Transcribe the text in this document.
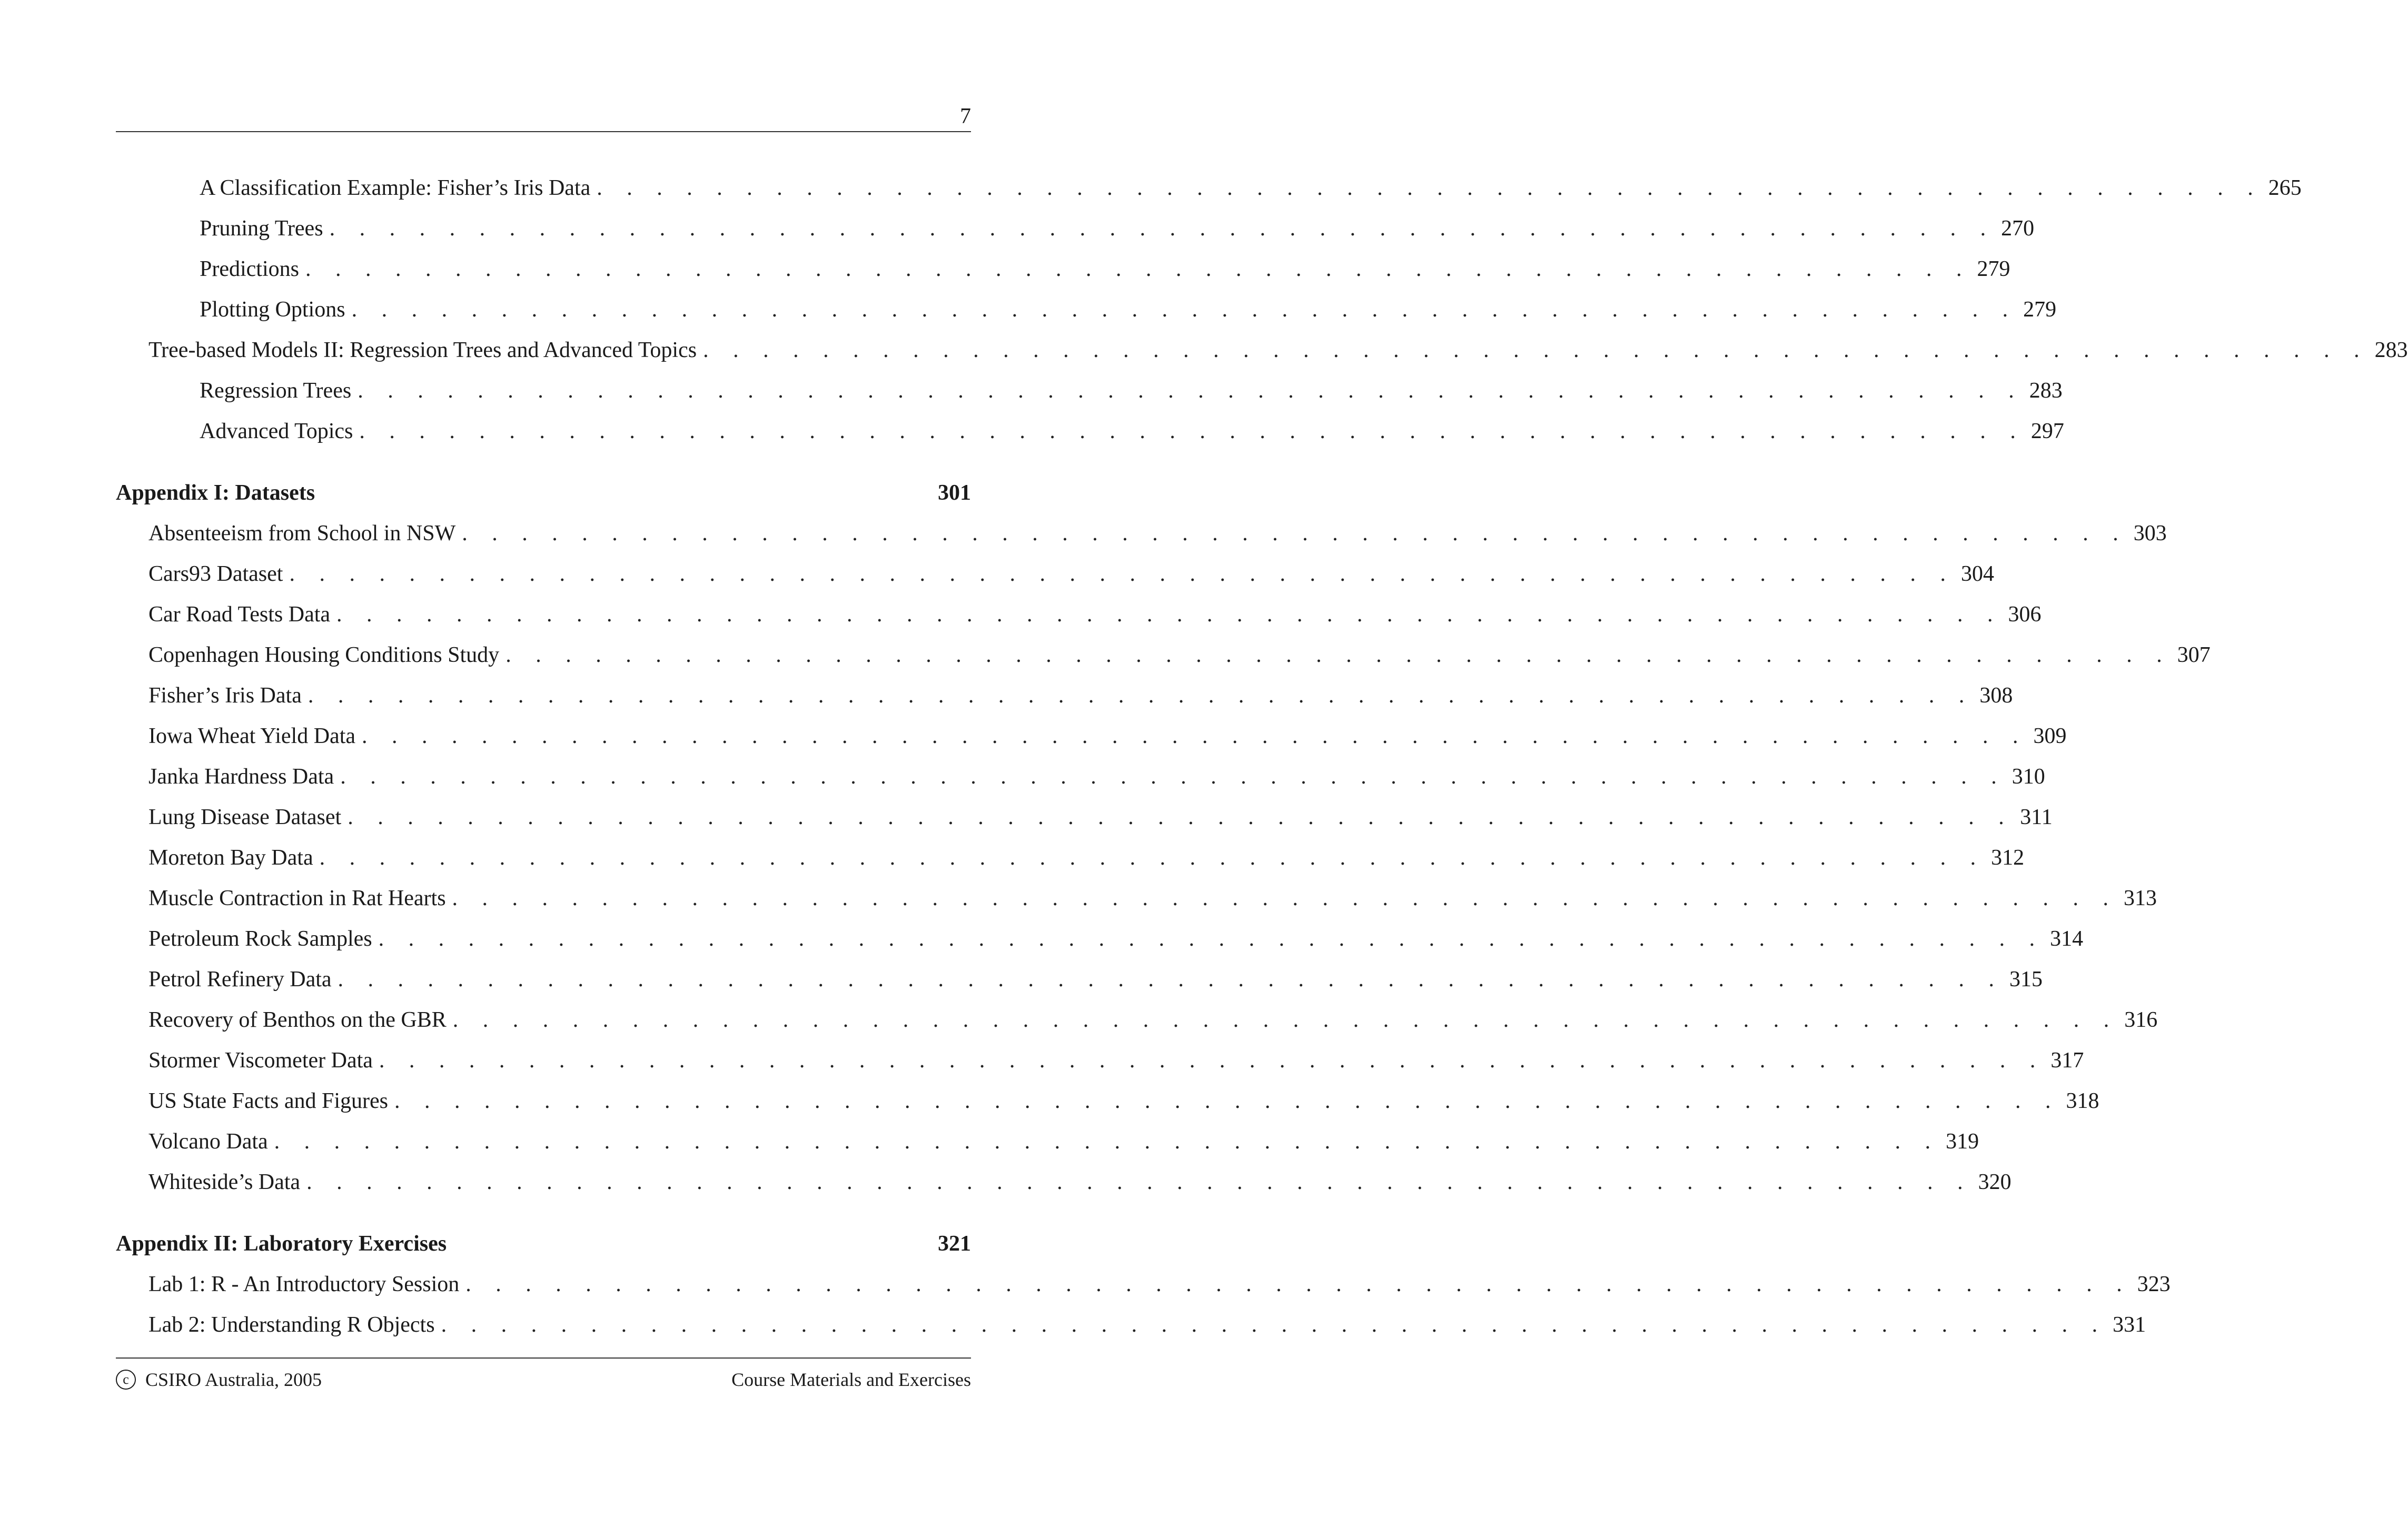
7
A Classification Example: Fisher’s Iris Data . . . . . . . . . . . . . . . . . . . . . . . . . . . . . . . . . . . . . . . . . . . . . . . . . . . . . . . . 265
Pruning Trees . . . . . . . . . . . . . . . . . . . . . . . . . . . . . . . . . . . . . . . . . . . . . . . . . . . . . . . . 270
Predictions . . . . . . . . . . . . . . . . . . . . . . . . . . . . . . . . . . . . . . . . . . . . . . . . . . . . . . . . 279
Plotting Options . . . . . . . . . . . . . . . . . . . . . . . . . . . . . . . . . . . . . . . . . . . . . . . . . . . . . . . . 279
Tree-based Models II: Regression Trees and Advanced Topics . . . . . . . . . . . . . . . . . . . . . . . . . . . . . . . . . . . . . . . . . . . . . . . . . . . . . . . . 283
Regression Trees . . . . . . . . . . . . . . . . . . . . . . . . . . . . . . . . . . . . . . . . . . . . . . . . . . . . . . . . 283
Advanced Topics . . . . . . . . . . . . . . . . . . . . . . . . . . . . . . . . . . . . . . . . . . . . . . . . . . . . . . . . 297
Appendix I: Datasets	301
Absenteeism from School in NSW . . . . . . . . . . . . . . . . . . . . . . . . . . . . . . . . . . . . . . . . . . . . . . . . . . . . . . . . 303
Cars93 Dataset . . . . . . . . . . . . . . . . . . . . . . . . . . . . . . . . . . . . . . . . . . . . . . . . . . . . . . . . 304
Car Road Tests Data . . . . . . . . . . . . . . . . . . . . . . . . . . . . . . . . . . . . . . . . . . . . . . . . . . . . . . . . 306
Copenhagen Housing Conditions Study . . . . . . . . . . . . . . . . . . . . . . . . . . . . . . . . . . . . . . . . . . . . . . . . . . . . . . . . 307
Fisher’s Iris Data . . . . . . . . . . . . . . . . . . . . . . . . . . . . . . . . . . . . . . . . . . . . . . . . . . . . . . . . 308
Iowa Wheat Yield Data . . . . . . . . . . . . . . . . . . . . . . . . . . . . . . . . . . . . . . . . . . . . . . . . . . . . . . . . 309
Janka Hardness Data . . . . . . . . . . . . . . . . . . . . . . . . . . . . . . . . . . . . . . . . . . . . . . . . . . . . . . . . 310
Lung Disease Dataset . . . . . . . . . . . . . . . . . . . . . . . . . . . . . . . . . . . . . . . . . . . . . . . . . . . . . . . . 311
Moreton Bay Data . . . . . . . . . . . . . . . . . . . . . . . . . . . . . . . . . . . . . . . . . . . . . . . . . . . . . . . . 312
Muscle Contraction in Rat Hearts . . . . . . . . . . . . . . . . . . . . . . . . . . . . . . . . . . . . . . . . . . . . . . . . . . . . . . . . 313
Petroleum Rock Samples . . . . . . . . . . . . . . . . . . . . . . . . . . . . . . . . . . . . . . . . . . . . . . . . . . . . . . . . 314
Petrol Refinery Data . . . . . . . . . . . . . . . . . . . . . . . . . . . . . . . . . . . . . . . . . . . . . . . . . . . . . . . . 315
Recovery of Benthos on the GBR . . . . . . . . . . . . . . . . . . . . . . . . . . . . . . . . . . . . . . . . . . . . . . . . . . . . . . . . 316
Stormer Viscometer Data . . . . . . . . . . . . . . . . . . . . . . . . . . . . . . . . . . . . . . . . . . . . . . . . . . . . . . . . 317
US State Facts and Figures . . . . . . . . . . . . . . . . . . . . . . . . . . . . . . . . . . . . . . . . . . . . . . . . . . . . . . . . 318
Volcano Data . . . . . . . . . . . . . . . . . . . . . . . . . . . . . . . . . . . . . . . . . . . . . . . . . . . . . . . . 319
Whiteside’s Data . . . . . . . . . . . . . . . . . . . . . . . . . . . . . . . . . . . . . . . . . . . . . . . . . . . . . . . . 320
Appendix II: Laboratory Exercises	321
Lab 1: R - An Introductory Session . . . . . . . . . . . . . . . . . . . . . . . . . . . . . . . . . . . . . . . . . . . . . . . . . . . . . . . . 323
Lab 2: Understanding R Objects . . . . . . . . . . . . . . . . . . . . . . . . . . . . . . . . . . . . . . . . . . . . . . . . . . . . . . . . 331
c CSIRO Australia, 2005	Course Materials and Exercises
